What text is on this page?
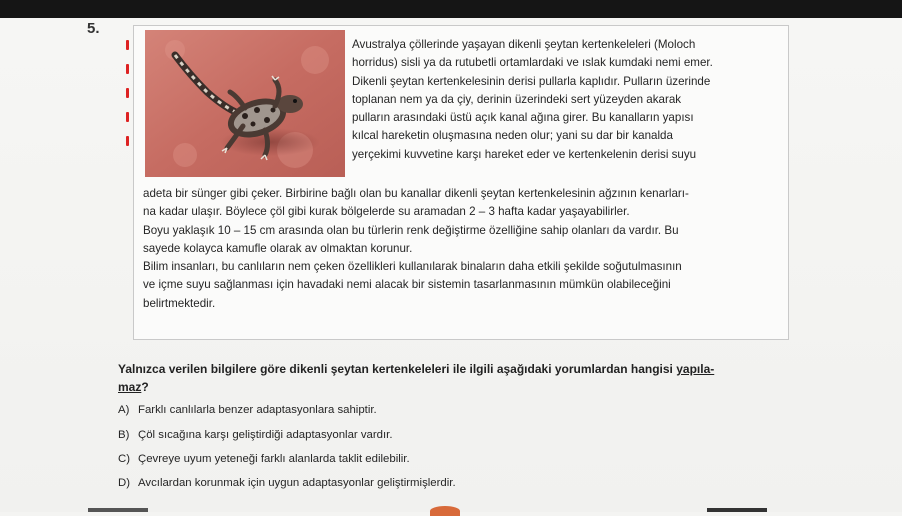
5.
Avustralya çöllerinde yaşayan dikenli şeytan kertenkeleleri (Moloch
horridus) sisli ya da rutubetli ortamlardaki ve ıslak kumdaki nemi emer.
Dikenli şeytan kertenkelesinin derisi pullarla kaplıdır. Pulların üzerinde
toplanan nem ya da çiy, derinin üzerindeki sert yüzeyden akarak
pulların arasındaki üstü açık kanal ağına girer. Bu kanalların yapısı
kılcal hareketin oluşmasına neden olur; yani su dar bir kanalda
yerçekimi kuvvetine karşı hareket eder ve kertenkelenin derisi suyu
adeta bir sünger gibi çeker. Birbirine bağlı olan bu kanallar dikenli şeytan kertenkelesinin ağzının kenarları-
na kadar ulaşır. Böylece çöl gibi kurak bölgelerde su aramadan 2 – 3 hafta kadar yaşayabilirler.
Boyu yaklaşık 10 – 15 cm arasında olan bu türlerin renk değiştirme özelliğine sahip olanları da vardır. Bu
sayede kolayca kamufle olarak av olmaktan korunur.
Bilim insanları, bu canlıların nem çeken özellikleri kullanılarak binaların daha etkili şekilde soğutulmasının
ve içme suyu sağlanması için havadaki nemi alacak bir sistemin tasarlanmasının mümkün olabileceğini
belirtmektedir.
Yalnızca verilen bilgilere göre dikenli şeytan kertenkeleleri ile ilgili aşağıdaki yorumlardan hangisi yapıla-
maz?
A) Farklı canlılarla benzer adaptasyonlara sahiptir.
B) Çöl sıcağına karşı geliştirdiği adaptasyonlar vardır.
C) Çevreye uyum yeteneği farklı alanlarda taklit edilebilir.
D) Avcılardan korunmak için uygun adaptasyonlar geliştirmişlerdir.
